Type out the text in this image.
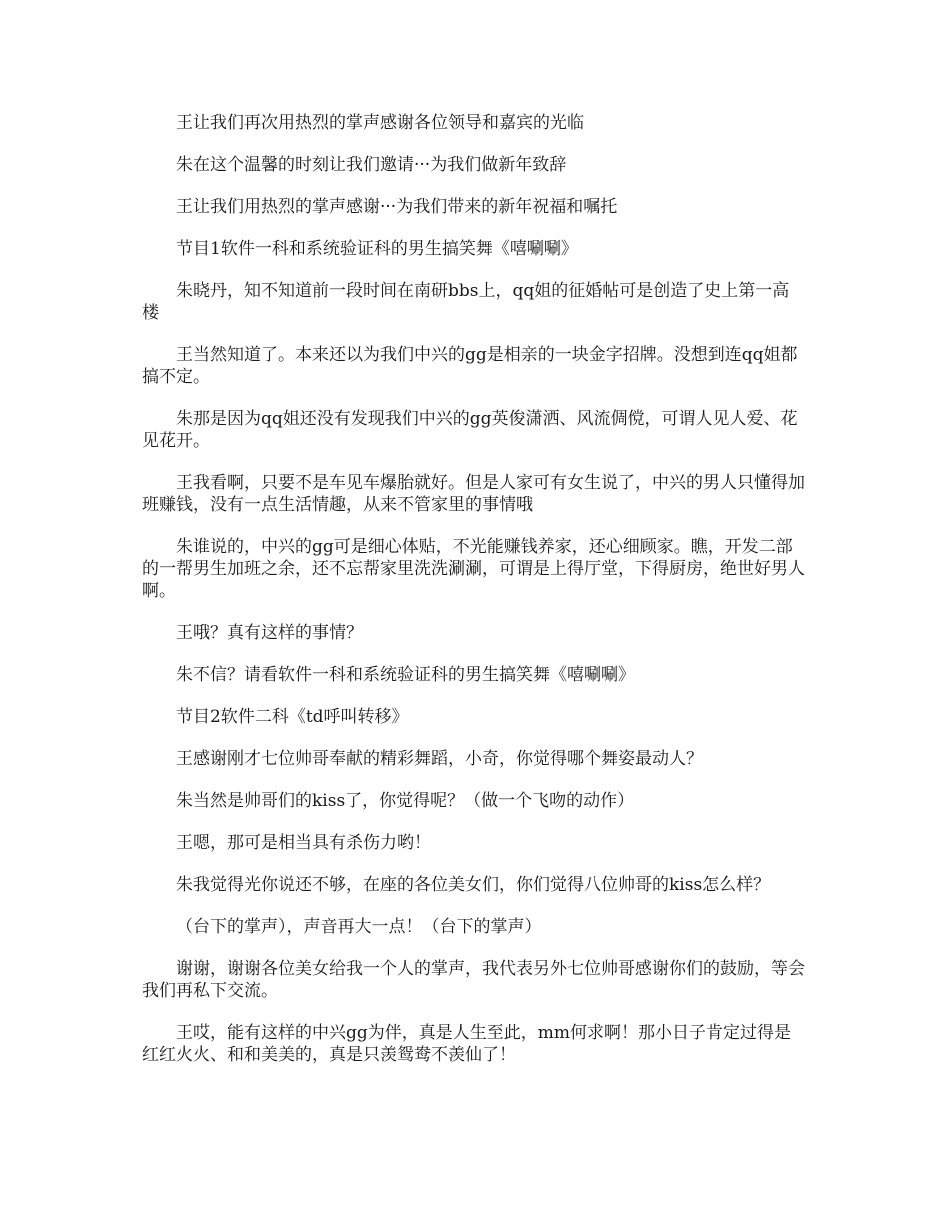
王让我们再次用热烈的掌声感谢各位领导和嘉宾的光临

朱在这个温馨的时刻让我们邀请···为我们做新年致辞

王让我们用热烈的掌声感谢···为我们带来的新年祝福和嘱托

节目1软件一科和系统验证科的男生搞笑舞《嘻唰唰》

朱晓丹，知不知道前一段时间在南研bbs上，qq姐的征婚帖可是创造了史上第一高楼

王当然知道了。本来还以为我们中兴的gg是相亲的一块金字招牌。没想到连qq姐都搞不定。

朱那是因为qq姐还没有发现我们中兴的gg英俊潇洒、风流倜傥，可谓人见人爱、花见花开。

王我看啊，只要不是车见车爆胎就好。但是人家可有女生说了，中兴的男人只懂得加班赚钱，没有一点生活情趣，从来不管家里的事情哦

朱谁说的，中兴的gg可是细心体贴，不光能赚钱养家，还心细顾家。瞧，开发二部的一帮男生加班之余，还不忘帮家里洗洗涮涮，可谓是上得厅堂，下得厨房，绝世好男人啊。

王哦？真有这样的事情？

朱不信？请看软件一科和系统验证科的男生搞笑舞《嘻唰唰》

节目2软件二科《td呼叫转移》

王感谢刚才七位帅哥奉献的精彩舞蹈，小奇，你觉得哪个舞姿最动人？

朱当然是帅哥们的kiss了，你觉得呢？（做一个飞吻的动作）

王嗯，那可是相当具有杀伤力哟！

朱我觉得光你说还不够，在座的各位美女们，你们觉得八位帅哥的kiss怎么样？

（台下的掌声），声音再大一点！（台下的掌声）

谢谢，谢谢各位美女给我一个人的掌声，我代表另外七位帅哥感谢你们的鼓励，等会我们再私下交流。

王哎，能有这样的中兴gg为伴，真是人生至此，mm何求啊！那小日子肯定过得是红红火火、和和美美的，真是只羡鸳鸯不羡仙了！
